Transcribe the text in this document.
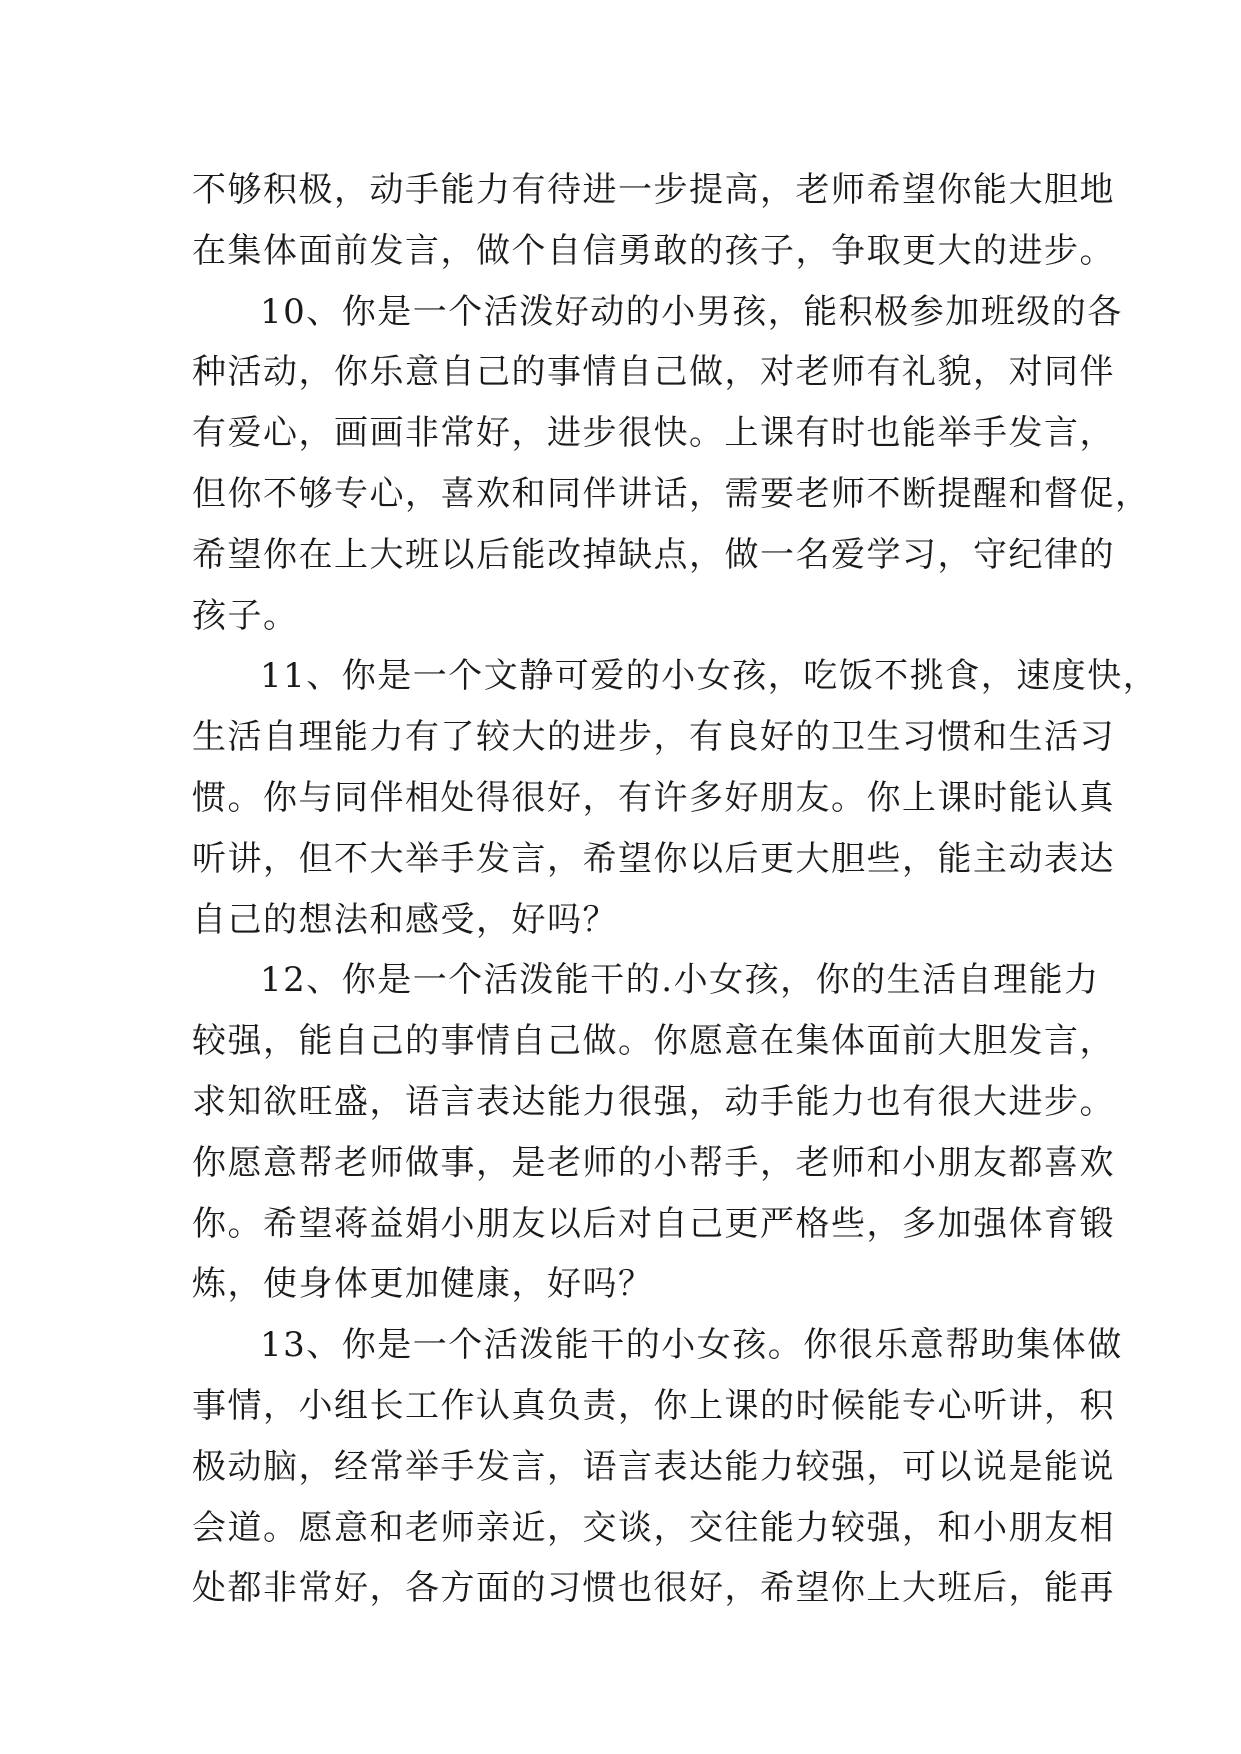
不够积极，动手能力有待进一步提高，老师希望你能大胆地
在集体面前发言，做个自信勇敢的孩子，争取更大的进步。

10、你是一个活泼好动的小男孩，能积极参加班级的各
种活动，你乐意自己的事情自己做，对老师有礼貌，对同伴
有爱心，画画非常好，进步很快。上课有时也能举手发言，
但你不够专心，喜欢和同伴讲话，需要老师不断提醒和督促，
希望你在上大班以后能改掉缺点，做一名爱学习，守纪律的
孩子。

11、你是一个文静可爱的小女孩，吃饭不挑食，速度快，
生活自理能力有了较大的进步，有良好的卫生习惯和生活习
惯。你与同伴相处得很好，有许多好朋友。你上课时能认真
听讲，但不大举手发言，希望你以后更大胆些，能主动表达
自己的想法和感受，好吗？

12、你是一个活泼能干的.小女孩，你的生活自理能力
较强，能自己的事情自己做。你愿意在集体面前大胆发言，
求知欲旺盛，语言表达能力很强，动手能力也有很大进步。
你愿意帮老师做事，是老师的小帮手，老师和小朋友都喜欢
你。希望蒋益娟小朋友以后对自己更严格些，多加强体育锻
炼，使身体更加健康，好吗？

13、你是一个活泼能干的小女孩。你很乐意帮助集体做
事情，小组长工作认真负责，你上课的时候能专心听讲，积
极动脑，经常举手发言，语言表达能力较强，可以说是能说
会道。愿意和老师亲近，交谈，交往能力较强，和小朋友相
处都非常好，各方面的习惯也很好，希望你上大班后，能再
